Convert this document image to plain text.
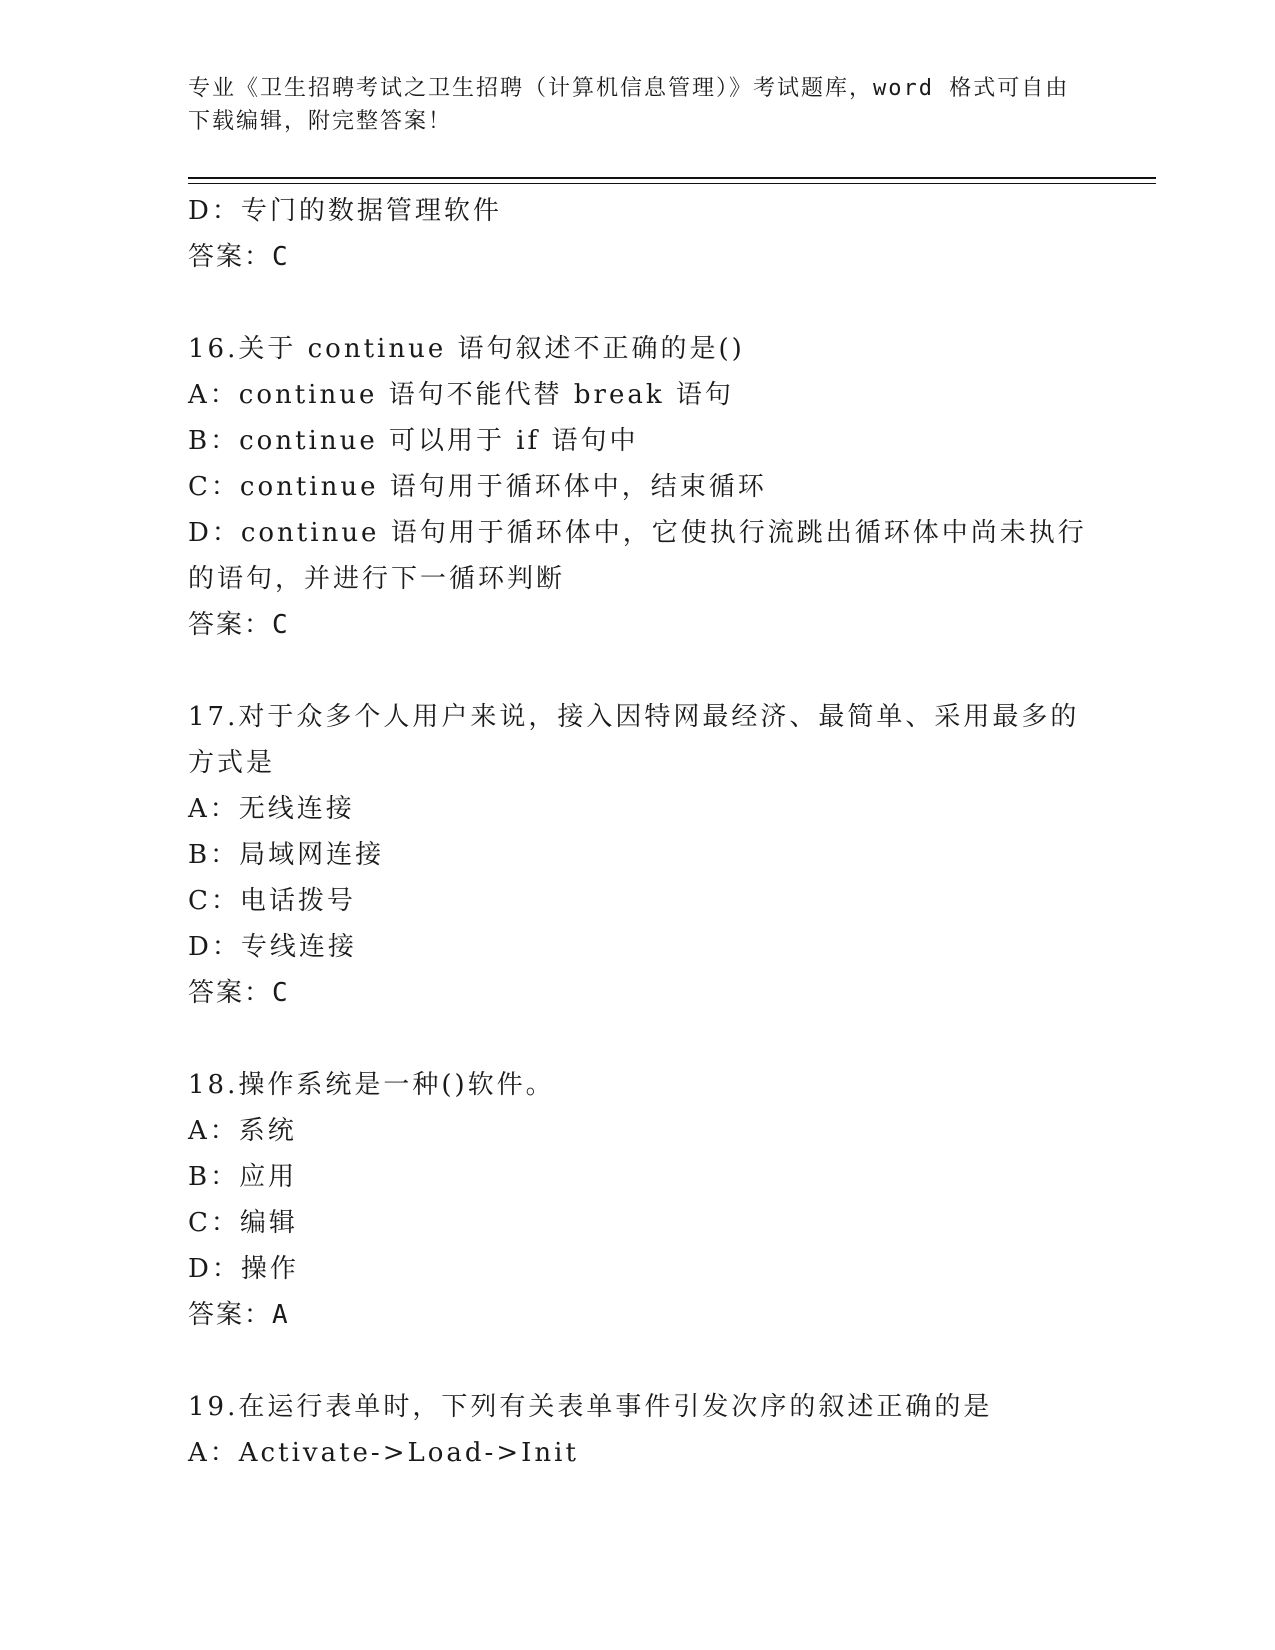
专业《卫生招聘考试之卫生招聘（计算机信息管理）》考试题库，word 格式可自由下载编辑，附完整答案！
D：专门的数据管理软件
答案：C
16.关于 continue 语句叙述不正确的是()
A：continue 语句不能代替 break 语句
B：continue 可以用于 if 语句中
C：continue 语句用于循环体中，结束循环
D：continue 语句用于循环体中，它使执行流跳出循环体中尚未执行的语句，并进行下一循环判断
答案：C
17.对于众多个人用户来说，接入因特网最经济、最简单、采用最多的方式是
A：无线连接
B：局域网连接
C：电话拨号
D：专线连接
答案：C
18.操作系统是一种()软件。
A：系统
B：应用
C：编辑
D：操作
答案：A
19.在运行表单时，下列有关表单事件引发次序的叙述正确的是
A：Activate->Load->Init
